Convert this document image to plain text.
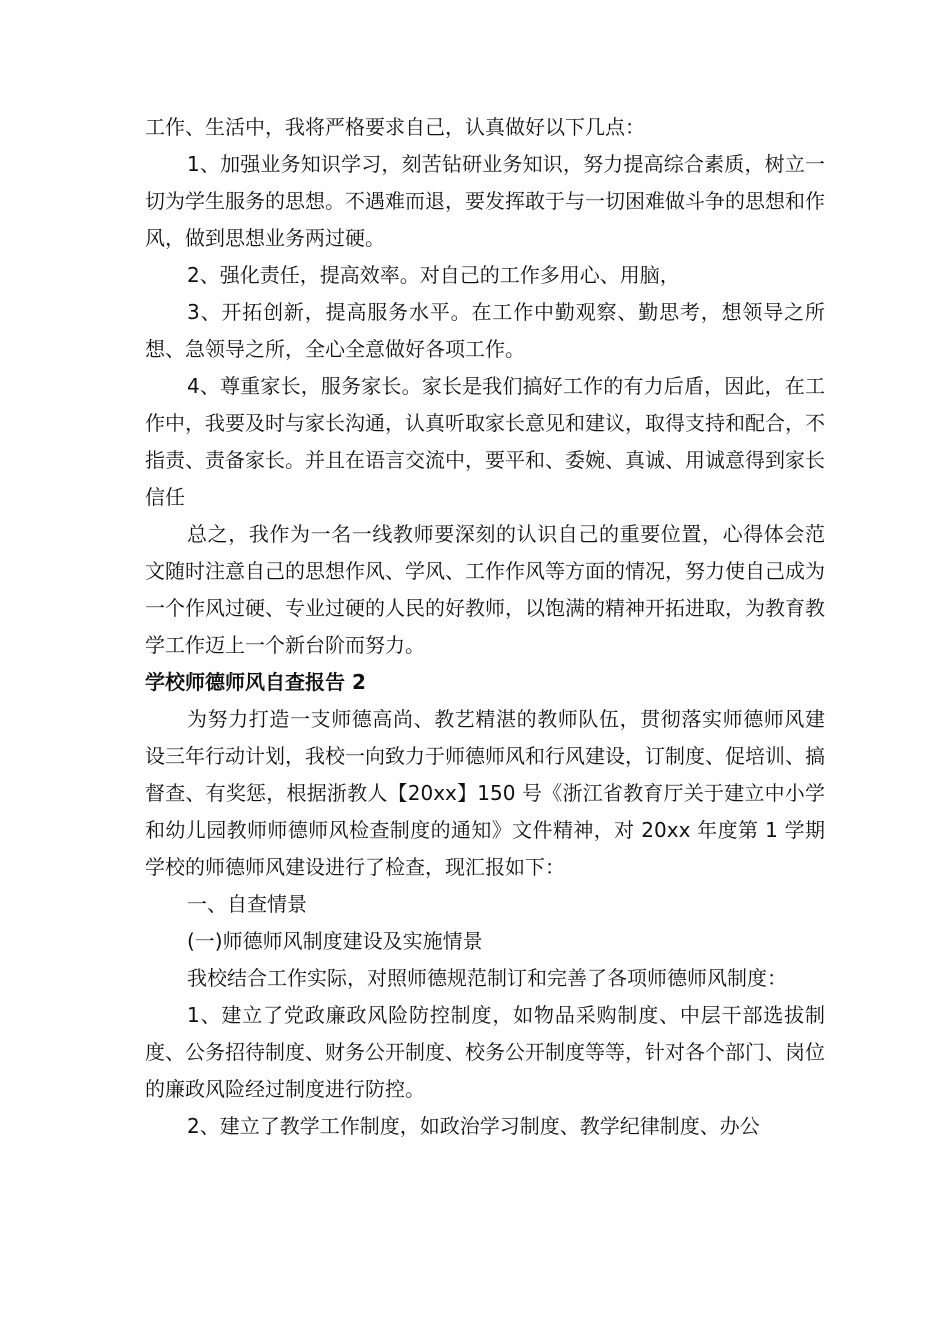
工作、生活中，我将严格要求自己，认真做好以下几点：

1、加强业务知识学习，刻苦钻研业务知识，努力提高综合素质，树立一切为学生服务的思想。不遇难而退，要发挥敢于与一切困难做斗争的思想和作风，做到思想业务两过硬。

2、强化责任，提高效率。对自己的工作多用心、用脑，

3、开拓创新，提高服务水平。在工作中勤观察、勤思考，想领导之所想、急领导之所，全心全意做好各项工作。

4、尊重家长，服务家长。家长是我们搞好工作的有力后盾，因此，在工作中，我要及时与家长沟通，认真听取家长意见和建议，取得支持和配合，不指责、责备家长。并且在语言交流中，要平和、委婉、真诚、用诚意得到家长信任

总之，我作为一名一线教师要深刻的认识自己的重要位置，心得体会范文随时注意自己的思想作风、学风、工作作风等方面的情况，努力使自己成为一个作风过硬、专业过硬的人民的好教师，以饱满的精神开拓进取，为教育教学工作迈上一个新台阶而努力。

学校师德师风自查报告 2

为努力打造一支师德高尚、教艺精湛的教师队伍，贯彻落实师德师风建设三年行动计划，我校一向致力于师德师风和行风建设，订制度、促培训、搞督查、有奖惩，根据浙教人【20xx】150 号《浙江省教育厅关于建立中小学和幼儿园教师师德师风检查制度的通知》文件精神，对 20xx 年度第 1 学期学校的师德师风建设进行了检查，现汇报如下：

一、自查情景

(一)师德师风制度建设及实施情景

我校结合工作实际，对照师德规范制订和完善了各项师德师风制度：

1、建立了党政廉政风险防控制度，如物品采购制度、中层干部选拔制度、公务招待制度、财务公开制度、校务公开制度等等，针对各个部门、岗位的廉政风险经过制度进行防控。

2、建立了教学工作制度，如政治学习制度、教学纪律制度、办公
